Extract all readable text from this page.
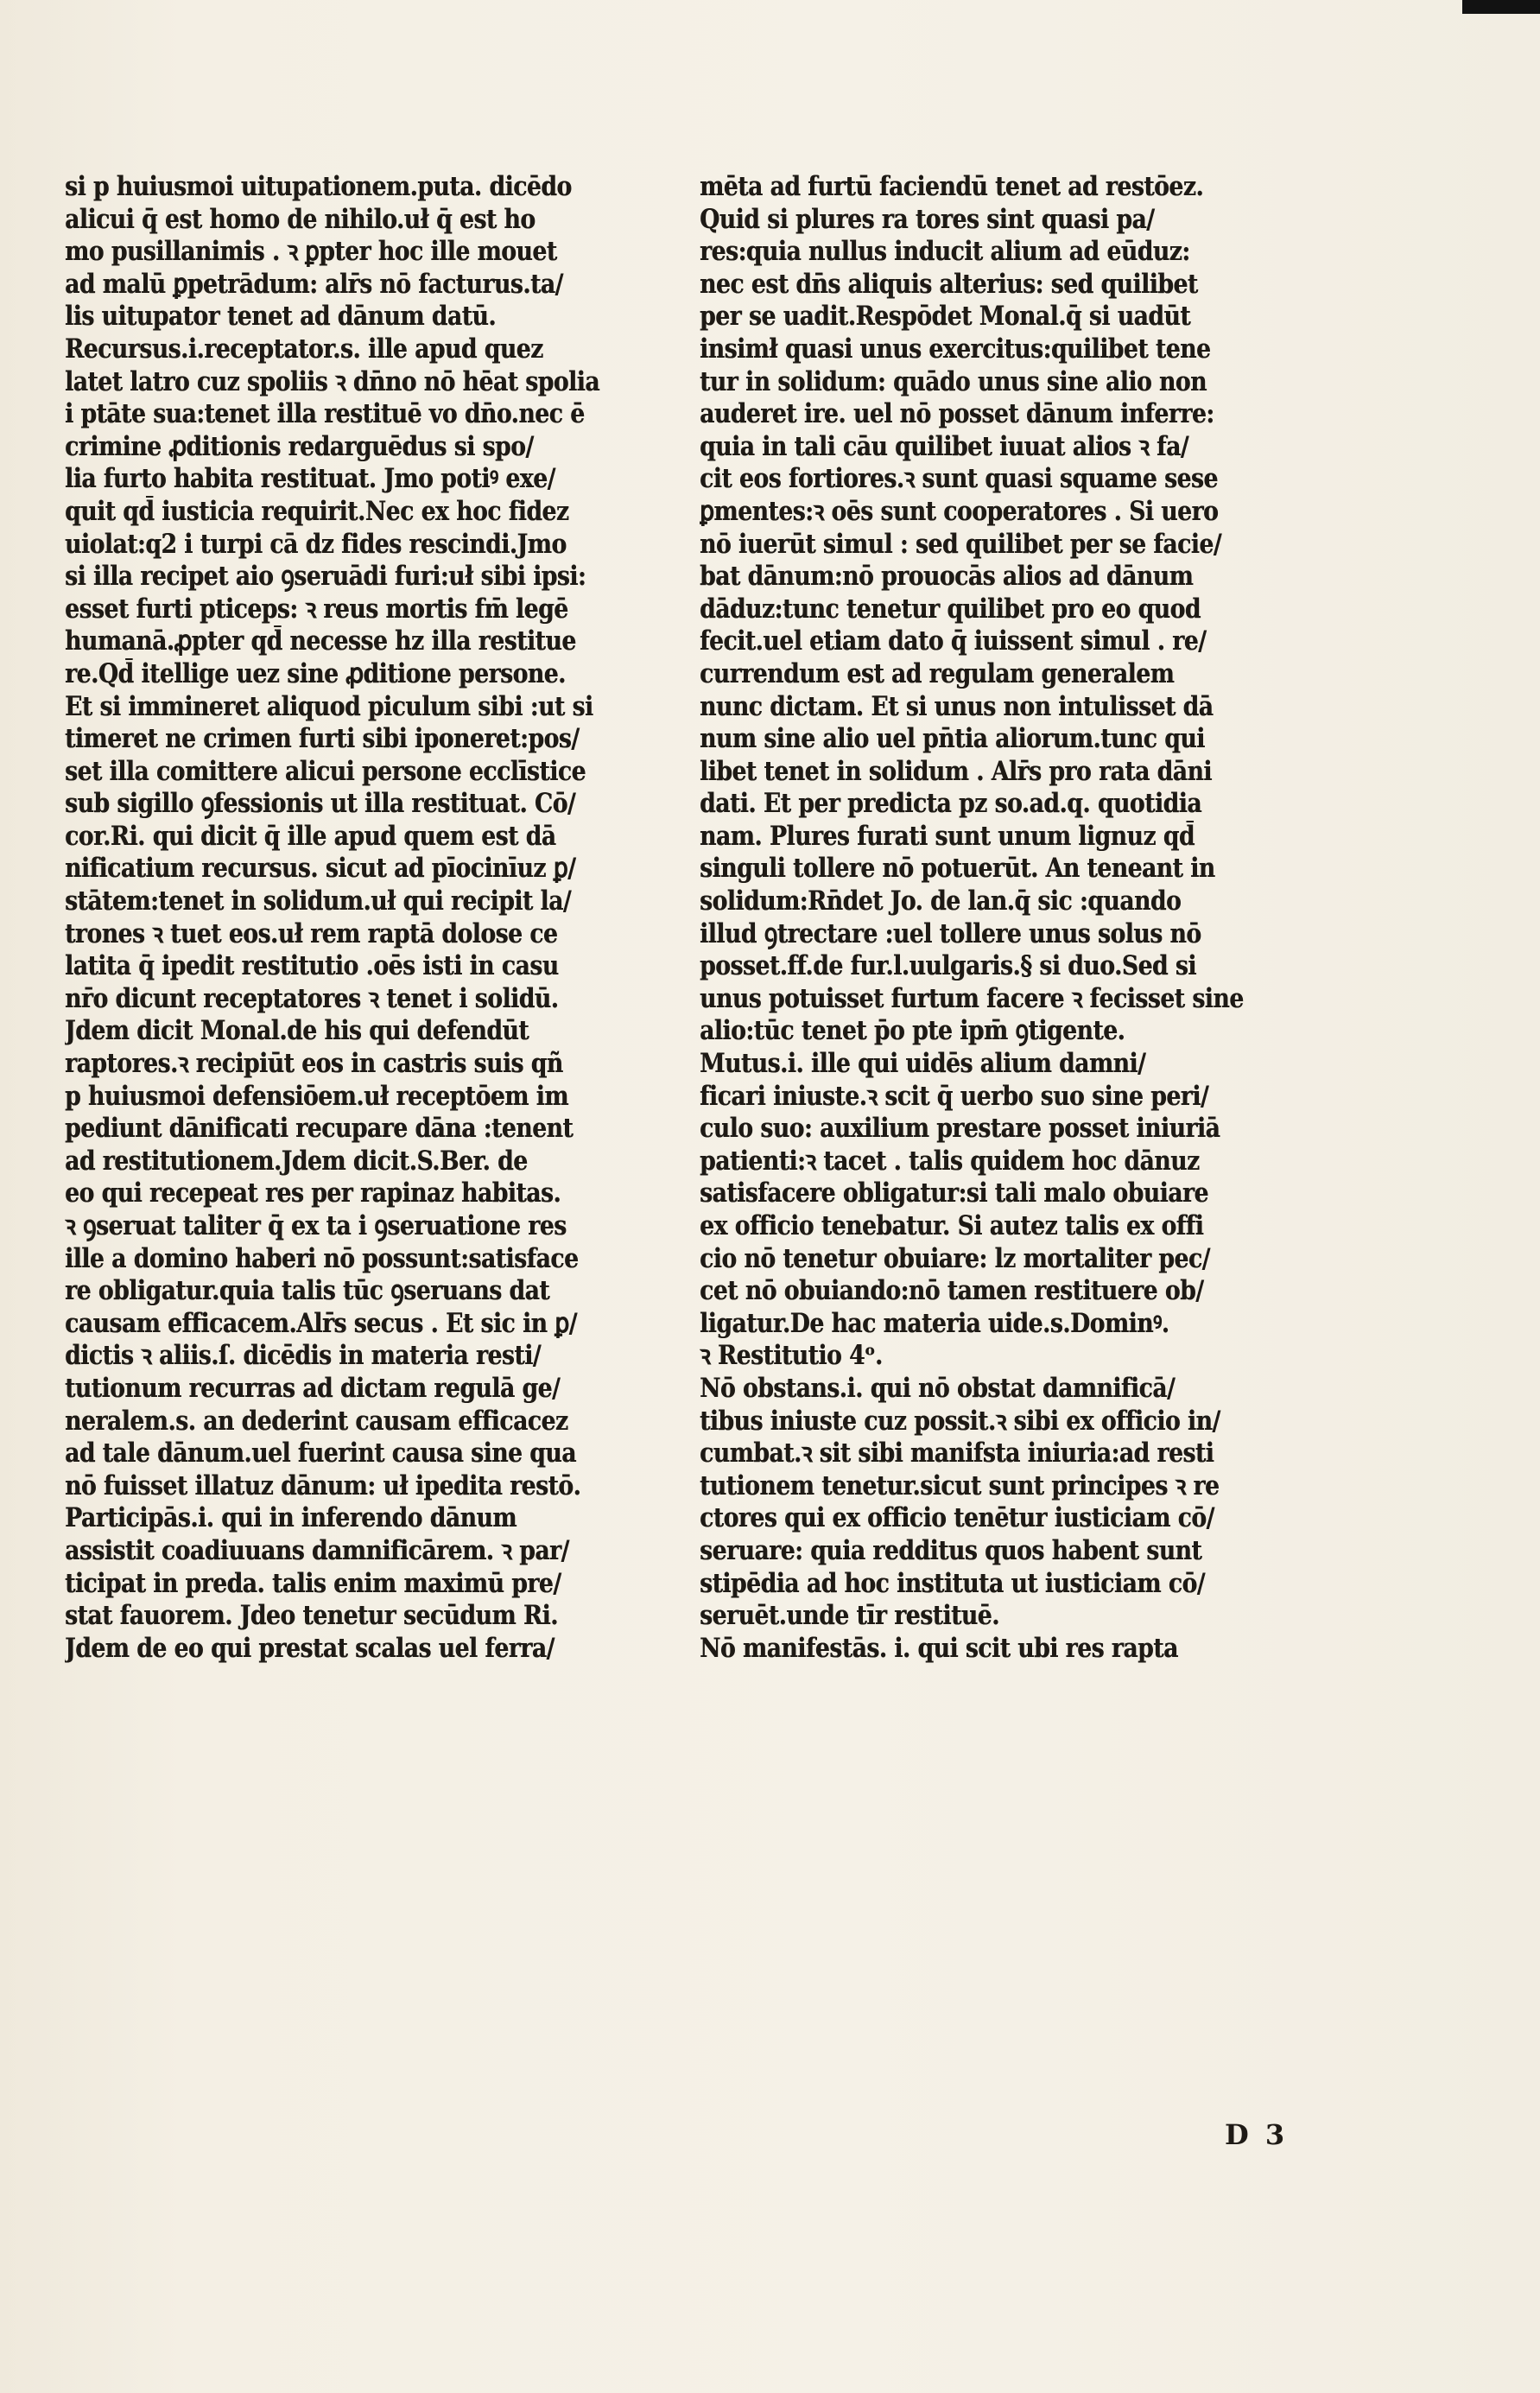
si p huiusmoi uitupationem.puta. dicēdo
alicui q̄ est homo de nihilo.uł q̄ est ho
mo pusillanimis . ꝛ ꝑpter hoc ille mouet
ad malū ꝑpetrādum: alr̄s nō facturus.ta/
lis uitupator tenet ad dānum datū.
Recursus.i.receptator.s. ille apud quez
latet latro cuz spoliis ꝛ dn̄no nō hēat spolia
i ptāte sua:tenet illa restituē vo dn̄o.nec ē
crimine ꝓditionis redarguēdus si spo/
lia furto habita restituat. Jmo potiꝰ exe/
quit qd̄ iusticia requirit.Nec ex hoc fidez
uiolat:q2 i turpi cā dz fides rescindi.Jmo
si illa recipet aio ꝯseruādi furi:uł sibi ipsi:
esset furti pticeps: ꝛ reus mortis fm̄ legē
humanā.ꝓpter qd̄ necesse hz illa restitue
re.Qd̄ itellige uez sine ꝓditione persone.
Et si immineret aliquod piculum sibi :ut si
timeret ne crimen furti sibi iponeret:pos/
set illa comittere alicui persone ecclīstice
sub sigillo ꝯfessionis ut illa restituat. Cō/
cor.Ri. qui dicit q̄ ille apud quem est dā
nificatium recursus. sicut ad pīocinīuz ꝑ/
stātem:tenet in solidum.uł qui recipit la/
trones ꝛ tuet eos.uł rem raptā dolose ce
latita q̄ ipedit restitutio .oēs isti in casu
nr̄o dicunt receptatores ꝛ tenet i solidū.
Jdem dicit Monal.de his qui defendūt
raptores.ꝛ recipiūt eos in castris suis qñ
p huiusmoi defensiōem.uł receptōem im
pediunt dānificati recupare dāna :tenent
ad restitutionem.Jdem dicit.S.Ber. de
eo qui recepeat res per rapinaz habitas.
ꝛ ꝯseruat taliter q̄ ex ta i ꝯseruatione res
ille a domino haberi nō possunt:satisface
re obligatur.quia talis tūc ꝯseruans dat
causam efficacem.Alr̄s secus . Et sic in ꝑ/
dictis ꝛ aliis.ſ. dicēdis in materia resti/
tutionum recurras ad dictam regulā ge/
neralem.s. an dederint causam efficacez
ad tale dānum.uel fuerint causa sine qua
nō fuisset illatuz dānum: uł ipedita restō.
Participās.i. qui in inferendo dānum
assistit coadiuuans damnificārem. ꝛ par/
ticipat in preda. talis enim maximū pre/
stat fauorem. Jdeo tenetur secūdum Ri.
Jdem de eo qui prestat scalas uel ferra/
mēta ad furtū faciendū tenet ad restōez.
Quid si plures ra tores sint quasi pa/
res:quia nullus inducit alium ad eūduz:
nec est dn̄s aliquis alterius: sed quilibet
per se uadit.Respōdet Monal.q̄ si uadūt
insimł quasi unus exercitus:quilibet tene
tur in solidum: quādo unus sine alio non
auderet ire. uel nō posset dānum inferre:
quia in tali cāu quilibet iuuat alios ꝛ fa/
cit eos fortiores.ꝛ sunt quasi squame sese
ꝑmentes:ꝛ oēs sunt cooperatores . Si uero
nō iuerūt simul : sed quilibet per se facie/
bat dānum:nō prouocās alios ad dānum
dāduz:tunc tenetur quilibet pro eo quod
fecit.uel etiam dato q̄ iuissent simul . re/
currendum est ad regulam generalem
nunc dictam. Et si unus non intulisset dā
num sine alio uel pn̄tia aliorum.tunc qui
libet tenet in solidum . Alr̄s pro rata dāni
dati. Et per predicta pz so.ad.q. quotidia
nam. Plures furati sunt unum lignuz qd̄
singuli tollere nō potuerūt. An teneant in
solidum:Rn̄det Jo. de lan.q̄ sic :quando
illud ꝯtrectare :uel tollere unus solus nō
posset.ff.de fur.l.uulgaris.§ si duo.Sed si
unus potuisset furtum facere ꝛ fecisset sine
alio:tūc tenet p̄o pte ipm̄ ꝯtigente.
Mutus.i. ille qui uidēs alium damni/
ficari iniuste.ꝛ scit q̄ uerbo suo sine peri/
culo suo: auxilium prestare posset iniuriā
patienti:ꝛ tacet . talis quidem hoc dānuz
satisfacere obligatur:si tali malo obuiare
ex officio tenebatur. Si autez talis ex offi
cio nō tenetur obuiare: lz mortaliter pec/
cet nō obuiando:nō tamen restituere ob/
ligatur.De hac materia uide.s.Dominꝰ.
ꝛ Restitutio 4ᵒ.
Nō obstans.i. qui nō obstat damnificā/
tibus iniuste cuz possit.ꝛ sibi ex officio in/
cumbat.ꝛ sit sibi manifsta iniuria:ad resti
tutionem tenetur.sicut sunt principes ꝛ re
ctores qui ex officio tenētur iusticiam cō/
seruare: quia redditus quos habent sunt
stipēdia ad hoc instituta ut iusticiam cō/
seruēt.unde tīr restituē.
Nō manifestās. i. qui scit ubi res rapta
D 3
